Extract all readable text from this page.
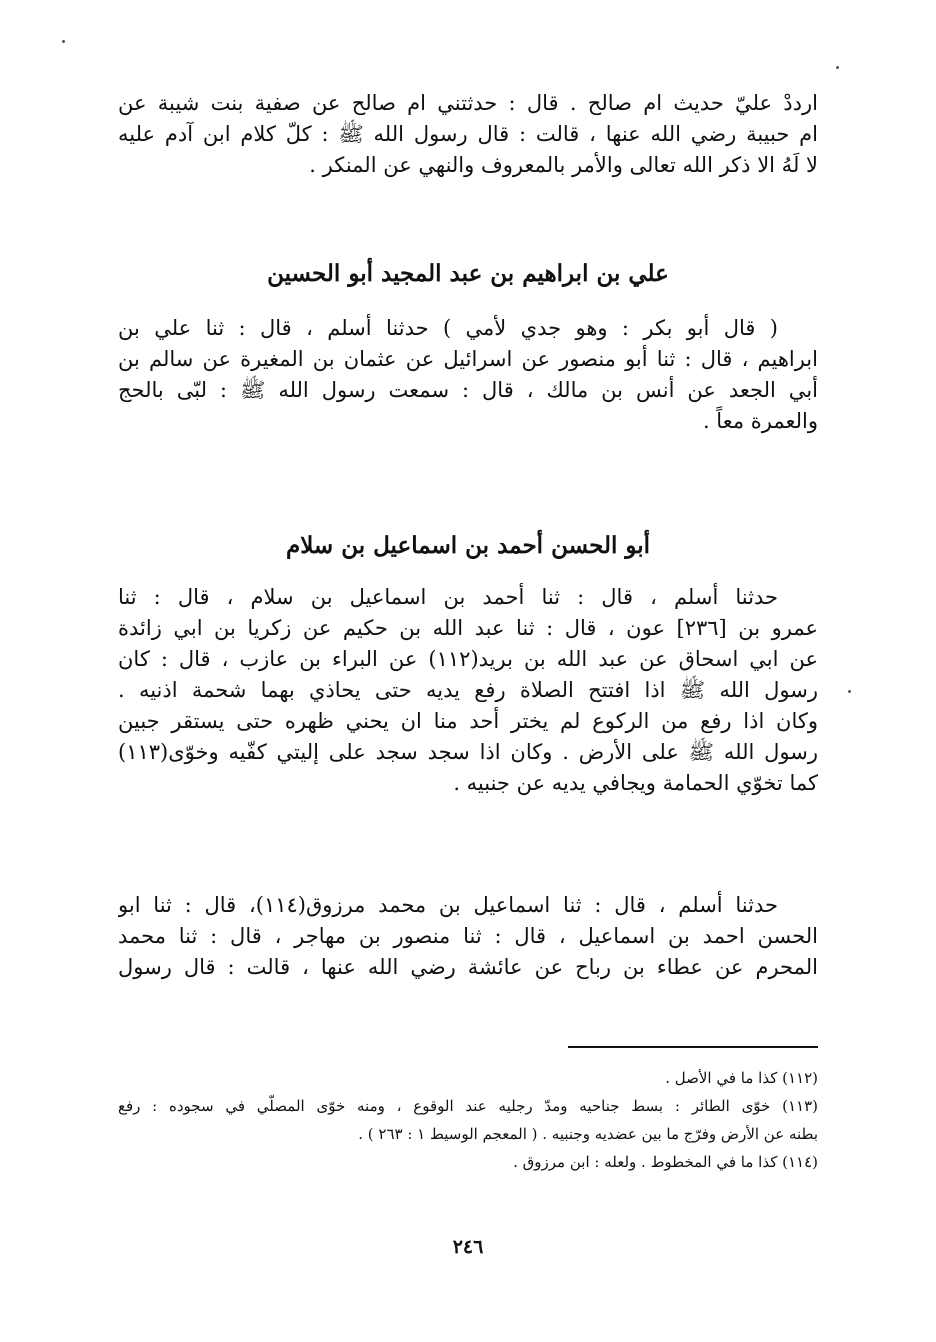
ارددْ عليّ حديث ام صالح . قال : حدثتني ام صالح عن صفية بنت شيبة عن
ام حبيبة رضي الله عنها ، قالت : قال رسول الله ﷺ : كلّ كلام ابن آدم عليه
لا لَهُ الا ذكر الله تعالى والأمر بالمعروف والنهي عن المنكر .
علي بن ابراهيم بن عبد المجيد أبو الحسين
( قال أبو بكر : وهو جدي لأمي ) حدثنا أسلم ، قال : ثنا علي بن
ابراهيم ، قال : ثنا أبو منصور عن اسرائيل عن عثمان بن المغيرة عن سالم بن
أبي الجعد عن أنس بن مالك ، قال : سمعت رسول الله ﷺ : لبّى بالحج
والعمرة معاً .
أبو الحسن أحمد بن اسماعيل بن سلام
حدثنا أسلم ، قال : ثنا أحمد بن اسماعيل بن سلام ، قال : ثنا
عمرو بن [٢٣٦] عون ، قال : ثنا عبد الله بن حكيم عن زكريا بن ابي زائدة
عن ابي اسحاق عن عبد الله بن بريد(١١٢) عن البراء بن عازب ، قال : كان
رسول الله ﷺ اذا افتتح الصلاة رفع يديه حتى يحاذي بهما شحمة اذنيه .
وكان اذا رفع من الركوع لم يختر أحد منا ان يحني ظهره حتى يستقر جبين
رسول الله ﷺ على الأرض . وكان اذا سجد سجد على إليتي كفّيه وخوّى(١١٣)
كما تخوّي الحمامة ويجافي يديه عن جنبيه .
حدثنا أسلم ، قال : ثنا اسماعيل بن محمد مرزوق(١١٤)، قال : ثنا ابو
الحسن احمد بن اسماعيل ، قال : ثنا منصور بن مهاجر ، قال : ثنا محمد
المحرم عن عطاء بن رباح عن عائشة رضي الله عنها ، قالت : قال رسول
(١١٢) كذا ما في الأصل .
(١١٣) خوّى الطائر : بسط جناحيه ومدّ رجليه عند الوقوع ، ومنه خوّى المصلّي في سجوده : رفع
بطنه عن الأرض وفرّج ما بين عضديه وجنبيه . ( المعجم الوسيط ١ : ٢٦٣ ) .
(١١٤) كذا ما في المخطوط . ولعله : ابن مرزوق .
٢٤٦
